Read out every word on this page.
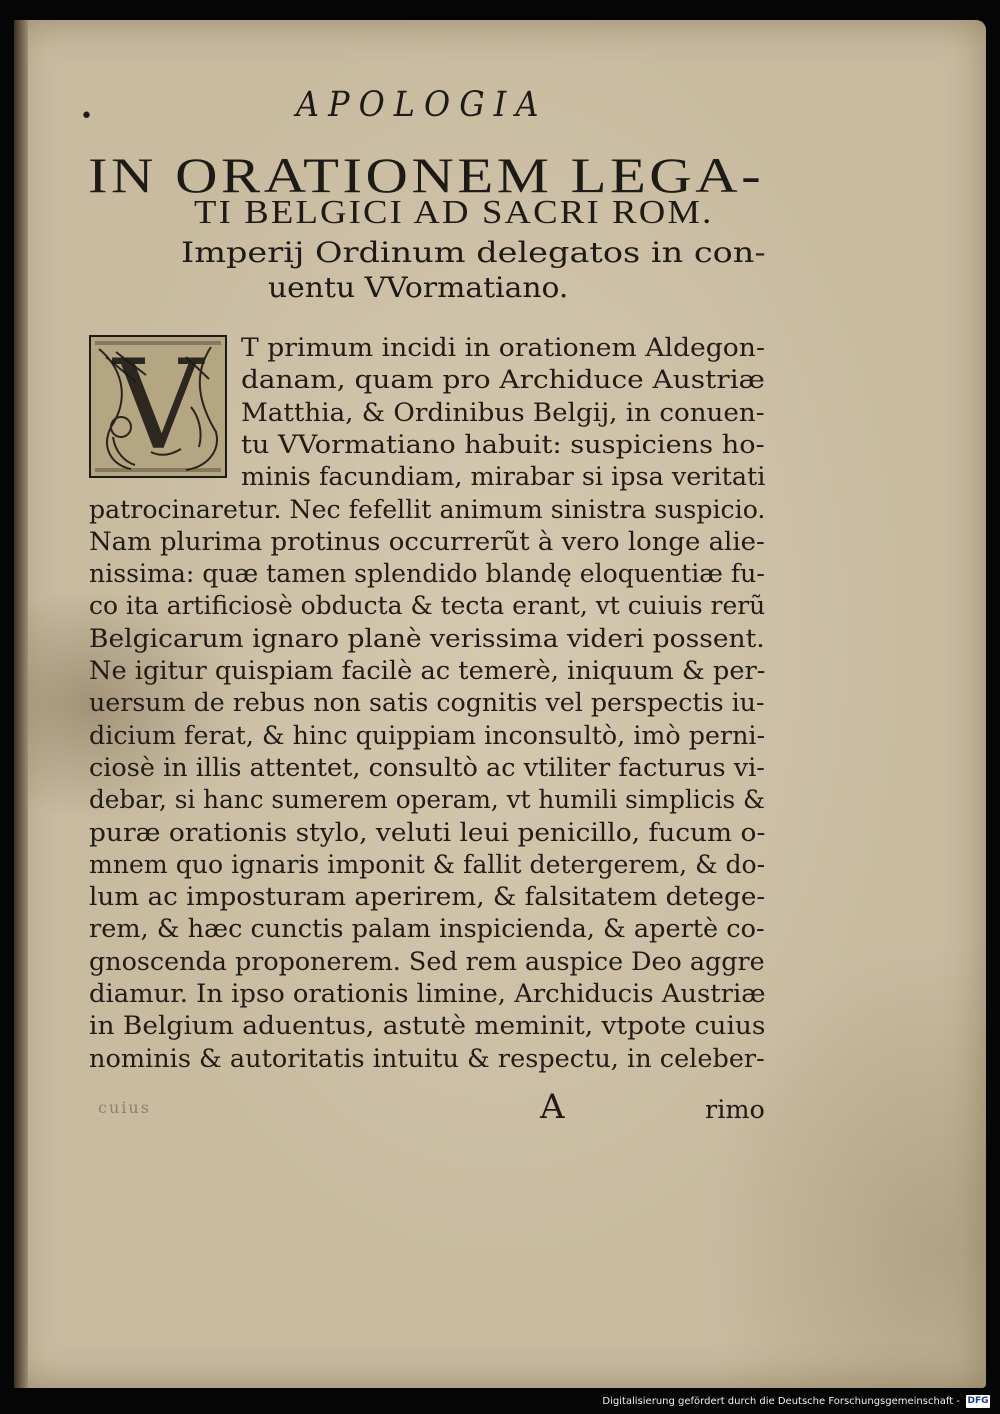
•	APOLOGIA

IN ORATIONEM LEGA-

TI BELGICI AD SACRI ROM.

Imperij Ordinum delegatos in con-

uentu VVormatiano.

V	T primum incidi in orationem Aldegon-

danam, quam pro Archiduce Austriæ

Matthia, & Ordinibus Belgij, in conuen-

tu VVormatiano habuit: suspiciens ho-

minis facundiam, mirabar si ipsa veritati

patrocinaretur. Nec fefellit animum sinistra suspicio.

Nam plurima protinus occurrerũt à vero longe alie-

nissima: quæ tamen splendido blandę eloquentiæ fu-

co ita artificiosè obducta & tecta erant, vt cuiuis rerũ

Belgicarum ignaro planè verissima videri possent.

Ne igitur quispiam facilè ac temerè, iniquum & per-

uersum de rebus non satis cognitis vel perspectis iu-

dicium ferat, & hinc quippiam inconsultò, imò perni-

ciosè in illis attentet, consultò ac vtiliter facturus vi-

debar, si hanc sumerem operam, vt humili simplicis &

puræ orationis stylo, veluti leui penicillo, fucum o-

mnem quo ignaris imponit & fallit detergerem, & do-

lum ac imposturam aperirem, & falsitatem detege-

rem, & hæc cunctis palam inspicienda, & apertè co-

gnoscenda proponerem. Sed rem auspice Deo aggre

diamur. In ipso orationis limine, Archiducis Austriæ

in Belgium aduentus, astutè meminit, vtpote cuius

nominis & autoritatis intuitu & respectu, in celeber-

cuius	A	rimo

Digitalisierung gefördert durch die Deutsche Forschungsgemeinschaft - DFG
